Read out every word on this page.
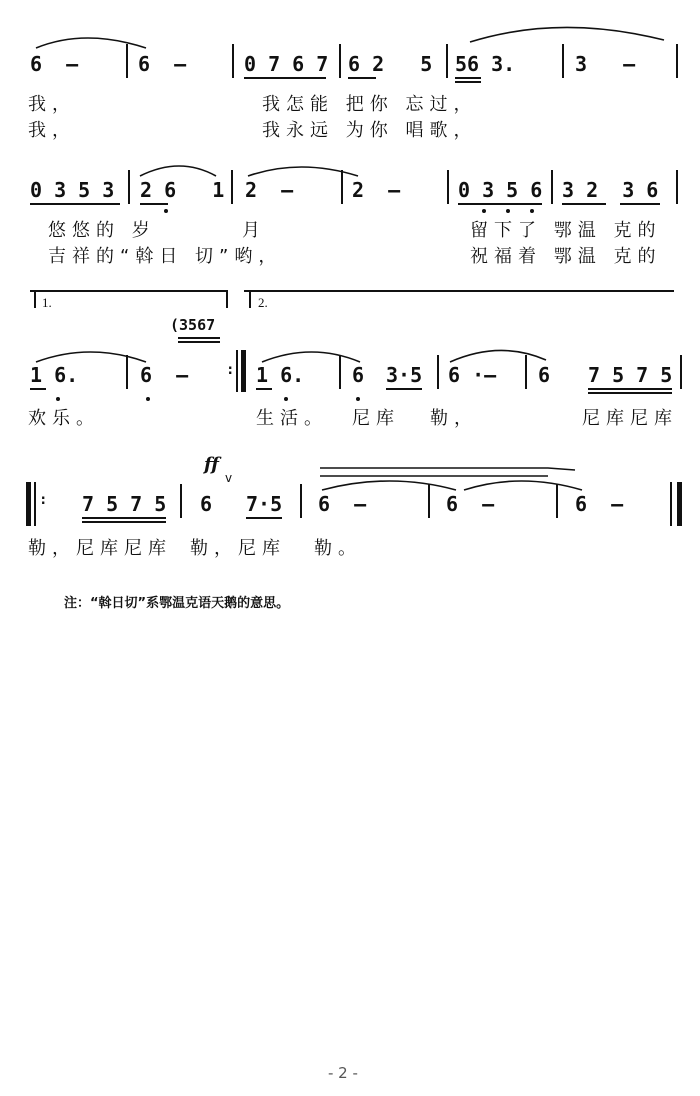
6  –	6  –	0 7 6 7 6 2   5 56 3.	3   –
我，	我怎能 把你 忘过，
我，	我永远 为你 唱歌，
0 3 5 3 2 6   1 2  –	2  –	0 3 5 6 3 2  3 6
悠悠的 岁	月	留下了 鄂温 克的
吉祥的“斡日 切”哟，	祝福着 鄂温 克的
1.	2.
(3567
1 6.	6  –	: 1 6. 6 3·5 6 ·– 6 7 5 7 5
欢乐。	生活。 尼库 勒，	尼库尼库
ff
v
: 7 5 7 5 6 7·5 6  –	6  –	6  –
勒，尼库尼库 勒，尼库 勒。
注：“斡日切”系鄂温克语天鹅的意思。
- 2 -
